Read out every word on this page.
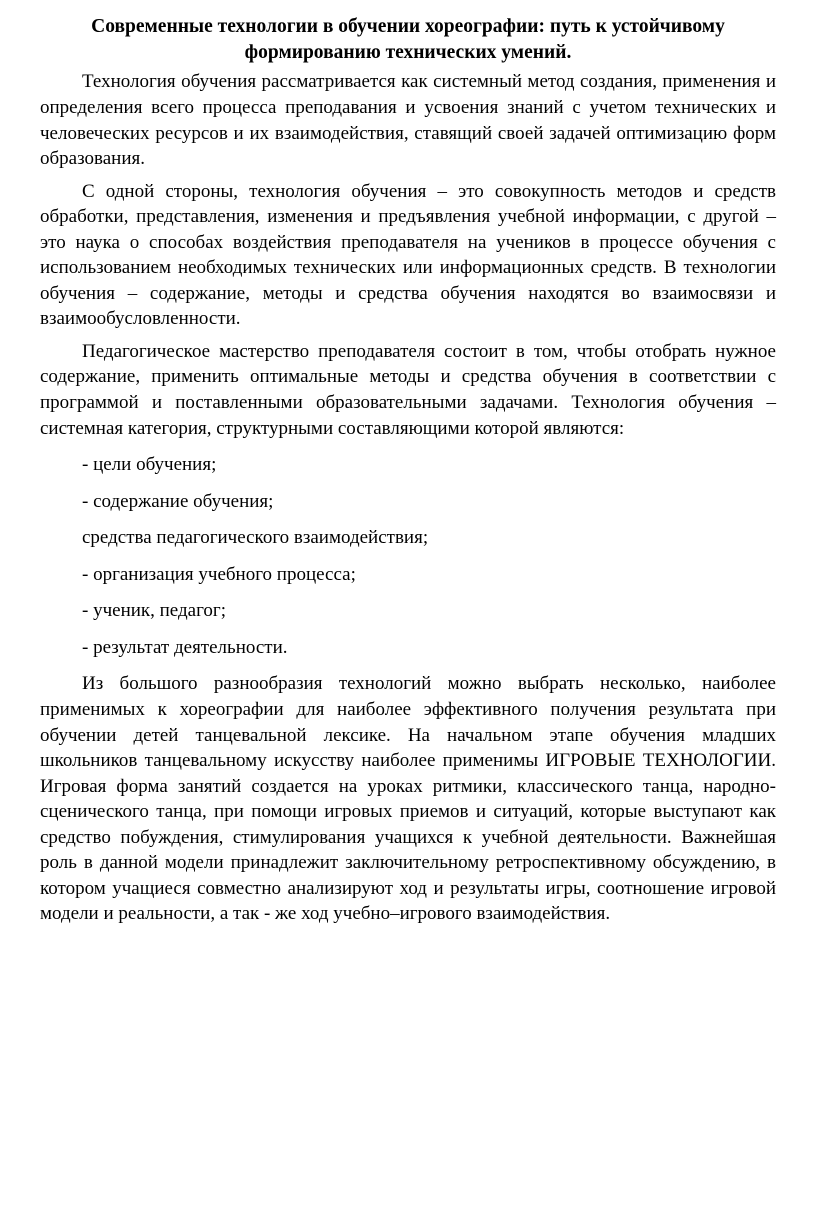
Современные технологии в обучении хореографии: путь к устойчивому формированию технических умений.

Технология обучения рассматривается как системный метод создания, применения и определения всего процесса преподавания и усвоения знаний с учетом технических и человеческих ресурсов и их взаимодействия, ставящий своей задачей оптимизацию форм образования.

С одной стороны, технология обучения – это совокупность методов и средств обработки, представления, изменения и предъявления учебной информации, с другой – это наука о способах воздействия преподавателя на учеников в процессе обучения с использованием необходимых технических или информационных средств. В технологии обучения – содержание, методы и средства обучения находятся во взаимосвязи и взаимообусловленности.

Педагогическое мастерство преподавателя состоит в том, чтобы отобрать нужное содержание, применить оптимальные методы и средства обучения в соответствии с программой и поставленными образовательными задачами. Технология обучения – системная категория, структурными составляющими которой являются:

- цели обучения;

- содержание обучения;

средства педагогического взаимодействия;

- организация учебного процесса;

- ученик, педагог;

- результат деятельности.

Из большого разнообразия технологий можно выбрать несколько, наиболее применимых к хореографии для наиболее эффективного получения результата при обучении детей танцевальной лексике. На начальном этапе обучения младших школьников танцевальному искусству наиболее применимы ИГРОВЫЕ ТЕХНОЛОГИИ. Игровая форма занятий создается на уроках ритмики, классического танца, народно-сценического танца, при помощи игровых приемов и ситуаций, которые выступают как средство побуждения, стимулирования учащихся к учебной деятельности. Важнейшая роль в данной модели принадлежит заключительному ретроспективному обсуждению, в котором учащиеся совместно анализируют ход и результаты игры, соотношение игровой модели и реальности, а так - же ход учебно–игрового взаимодействия.
